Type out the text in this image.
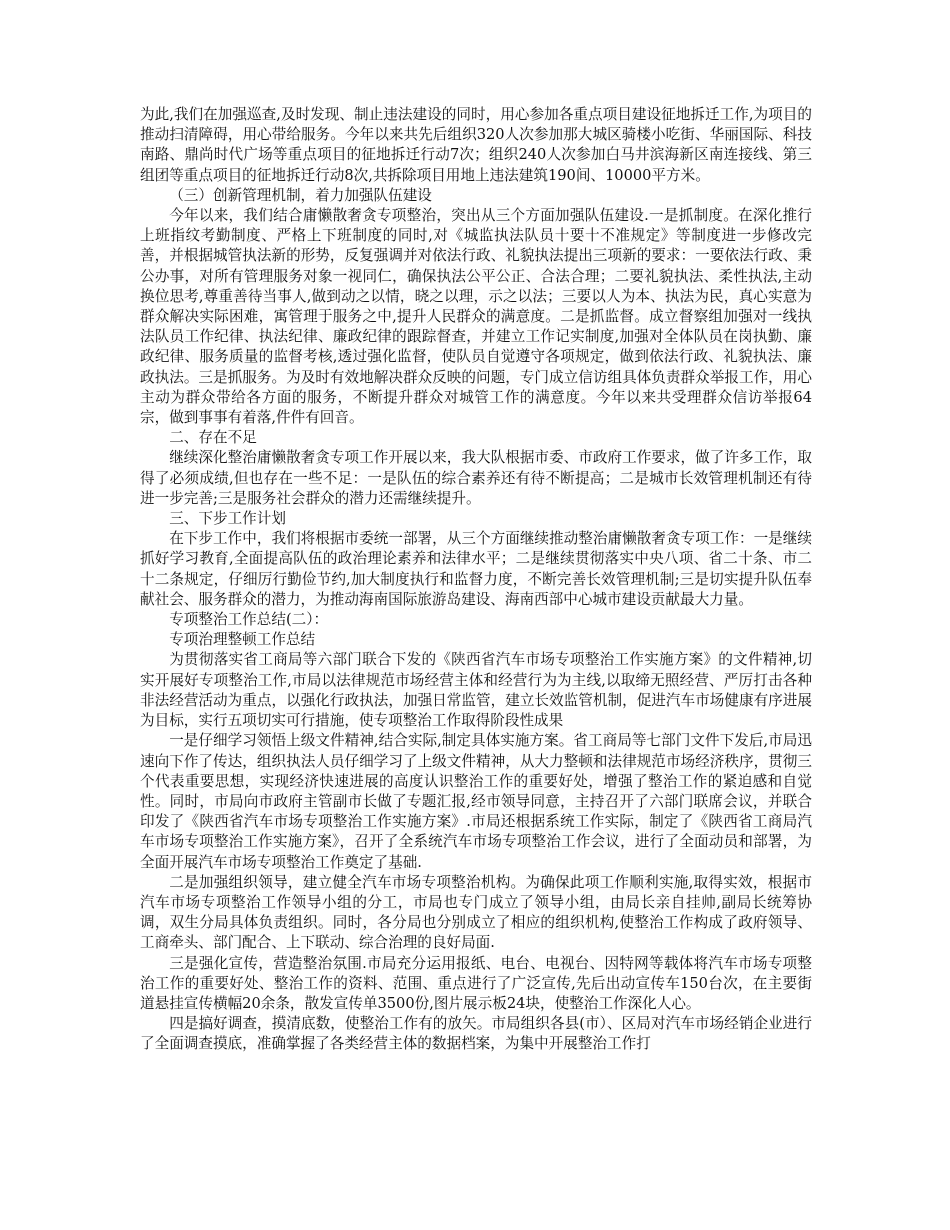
为此,我们在加强巡查,及时发现、制止违法建设的同时，用心参加各重点项目建设征地拆迁工作,为项目的推动扫清障碍，用心带给服务。今年以来共先后组织320人次参加那大城区骑楼小吃街、华丽国际、科技南路、鼎尚时代广场等重点项目的征地拆迁行动7次；组织240人次参加白马井滨海新区南连接线、第三组团等重点项目的征地拆迁行动8次,共拆除项目用地上违法建筑190间、10000平方米。

（三）创新管理机制，着力加强队伍建设

今年以来，我们结合庸懒散奢贪专项整治，突出从三个方面加强队伍建设.一是抓制度。在深化推行上班指纹考勤制度、严格上下班制度的同时,对《城监执法队员十要十不准规定》等制度进一步修改完善，并根据城管执法新的形势，反复强调并对依法行政、礼貌执法提出三项新的要求：一要依法行政、秉公办事，对所有管理服务对象一视同仁，确保执法公平公正、合法合理；二要礼貌执法、柔性执法,主动换位思考,尊重善待当事人,做到动之以情，晓之以理，示之以法；三要以人为本、执法为民，真心实意为群众解决实际困难，寓管理于服务之中,提升人民群众的满意度。二是抓监督。成立督察组加强对一线执法队员工作纪律、执法纪律、廉政纪律的跟踪督查，并建立工作记实制度,加强对全体队员在岗执勤、廉政纪律、服务质量的监督考核,透过强化监督，使队员自觉遵守各项规定，做到依法行政、礼貌执法、廉政执法。三是抓服务。为及时有效地解决群众反映的问题，专门成立信访组具体负责群众举报工作，用心主动为群众带给各方面的服务，不断提升群众对城管工作的满意度。今年以来共受理群众信访举报64宗，做到事事有着落,件件有回音。

二、存在不足

继续深化整治庸懒散奢贪专项工作开展以来，我大队根据市委、市政府工作要求，做了许多工作，取得了必须成绩,但也存在一些不足：一是队伍的综合素养还有待不断提高；二是城市长效管理机制还有待进一步完善;三是服务社会群众的潜力还需继续提升。

三、下步工作计划

在下步工作中，我们将根据市委统一部署，从三个方面继续推动整治庸懒散奢贪专项工作：一是继续抓好学习教育,全面提高队伍的政治理论素养和法律水平；二是继续贯彻落实中央八项、省二十条、市二十二条规定，仔细厉行勤俭节约,加大制度执行和监督力度，不断完善长效管理机制;三是切实提升队伍奉献社会、服务群众的潜力，为推动海南国际旅游岛建设、海南西部中心城市建设贡献最大力量。

专项整治工作总结(二）：

专项治理整顿工作总结

为贯彻落实省工商局等六部门联合下发的《陕西省汽车市场专项整治工作实施方案》的文件精神,切实开展好专项整治工作,市局以法律规范市场经营主体和经营行为为主线,以取缔无照经营、严厉打击各种非法经营活动为重点，以强化行政执法，加强日常监管，建立长效监管机制，促进汽车市场健康有序进展为目标，实行五项切实可行措施，使专项整治工作取得阶段性成果

一是仔细学习领悟上级文件精神,结合实际,制定具体实施方案。省工商局等七部门文件下发后,市局迅速向下作了传达，组织执法人员仔细学习了上级文件精神，从大力整顿和法律规范市场经济秩序，贯彻三个代表重要思想，实现经济快速进展的高度认识整治工作的重要好处，增强了整治工作的紧迫感和自觉性。同时，市局向市政府主管副市长做了专题汇报,经市领导同意，主持召开了六部门联席会议，并联合印发了《陕西省汽车市场专项整治工作实施方案》.市局还根据系统工作实际，制定了《陕西省工商局汽车市场专项整治工作实施方案》，召开了全系统汽车市场专项整治工作会议，进行了全面动员和部署，为全面开展汽车市场专项整治工作奠定了基础.

二是加强组织领导，建立健全汽车市场专项整治机构。为确保此项工作顺利实施,取得实效，根据市汽车市场专项整治工作领导小组的分工，市局也专门成立了领导小组，由局长亲自挂帅,副局长统筹协调，双生分局具体负责组织。同时，各分局也分别成立了相应的组织机构,使整治工作构成了政府领导、工商牵头、部门配合、上下联动、综合治理的良好局面.

三是强化宣传，营造整治氛围.市局充分运用报纸、电台、电视台、因特网等载体将汽车市场专项整治工作的重要好处、整治工作的资料、范围、重点进行了广泛宣传,先后出动宣传车150台次，在主要街道悬挂宣传横幅20余条，散发宣传单3500份,图片展示板24块，使整治工作深化人心。

四是搞好调查，摸清底数，使整治工作有的放矢。市局组织各县(市）、区局对汽车市场经销企业进行了全面调查摸底，准确掌握了各类经营主体的数据档案，为集中开展整治工作打
